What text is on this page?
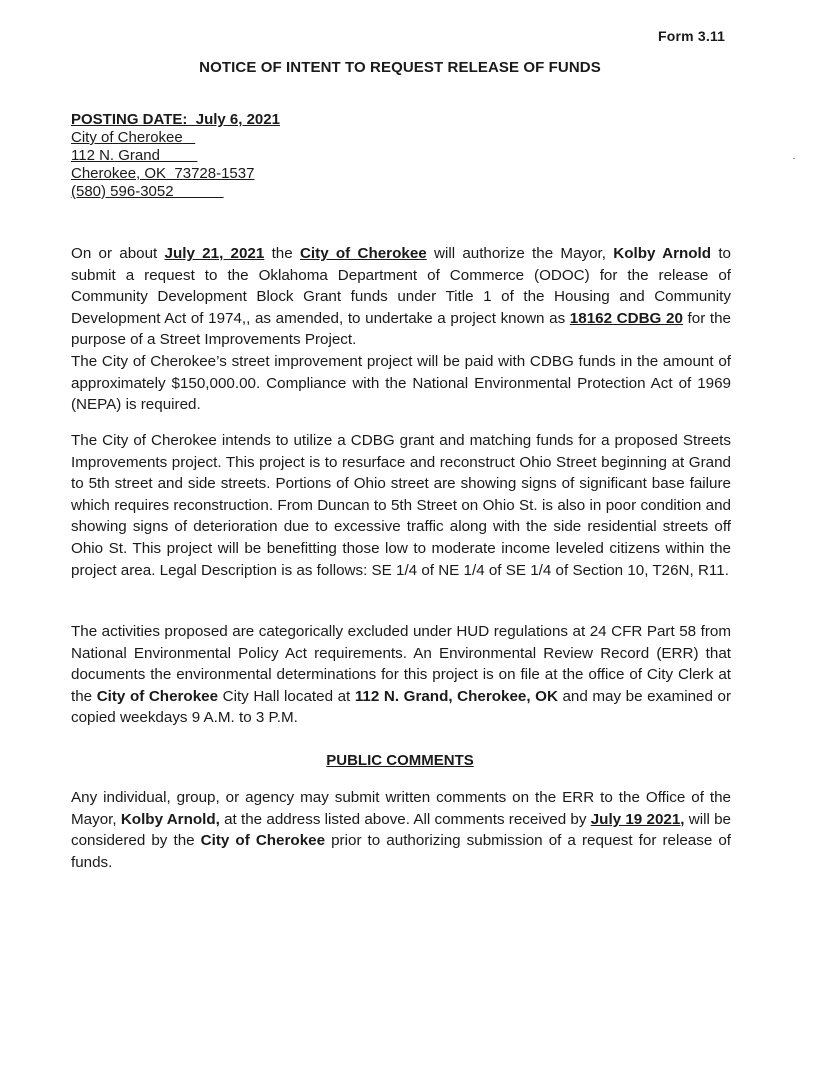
Form 3.11
NOTICE OF INTENT TO REQUEST RELEASE OF FUNDS
POSTING DATE:  July 6, 2021
City of Cherokee
112 N. Grand
Cherokee, OK  73728-1537
(580) 596-3052
On or about July 21, 2021 the City of Cherokee will authorize the Mayor, Kolby Arnold to submit a request to the Oklahoma Department of Commerce (ODOC) for the release of Community Development Block Grant funds under Title 1 of the Housing and Community Development Act of 1974,, as amended, to undertake a project known as 18162 CDBG 20 for the purpose of a Street Improvements Project.
The City of Cherokee’s street improvement project will be paid with CDBG funds in the amount of approximately $150,000.00. Compliance with the National Environmental Protection Act of 1969 (NEPA) is required.
The City of Cherokee intends to utilize a CDBG grant and matching funds for a proposed Streets Improvements project. This project is to resurface and reconstruct Ohio Street beginning at Grand to 5th street and side streets. Portions of Ohio street are showing signs of significant base failure which requires reconstruction. From Duncan to 5th Street on Ohio St. is also in poor condition and showing signs of deterioration due to excessive traffic along with the side residential streets off Ohio St. This project will be benefitting those low to moderate income leveled citizens within the project area. Legal Description is as follows: SE 1/4 of NE 1/4 of SE 1/4 of Section 10, T26N, R11.
The activities proposed are categorically excluded under HUD regulations at 24 CFR Part 58 from National Environmental Policy Act requirements. An Environmental Review Record (ERR) that documents the environmental determinations for this project is on file at the office of City Clerk at the City of Cherokee City Hall located at 112 N. Grand, Cherokee, OK and may be examined or copied weekdays 9 A.M. to 3 P.M.
PUBLIC COMMENTS
Any individual, group, or agency may submit written comments on the ERR to the Office of the Mayor, Kolby Arnold, at the address listed above. All comments received by July 19 2021, will be considered by the City of Cherokee prior to authorizing submission of a request for release of funds.
